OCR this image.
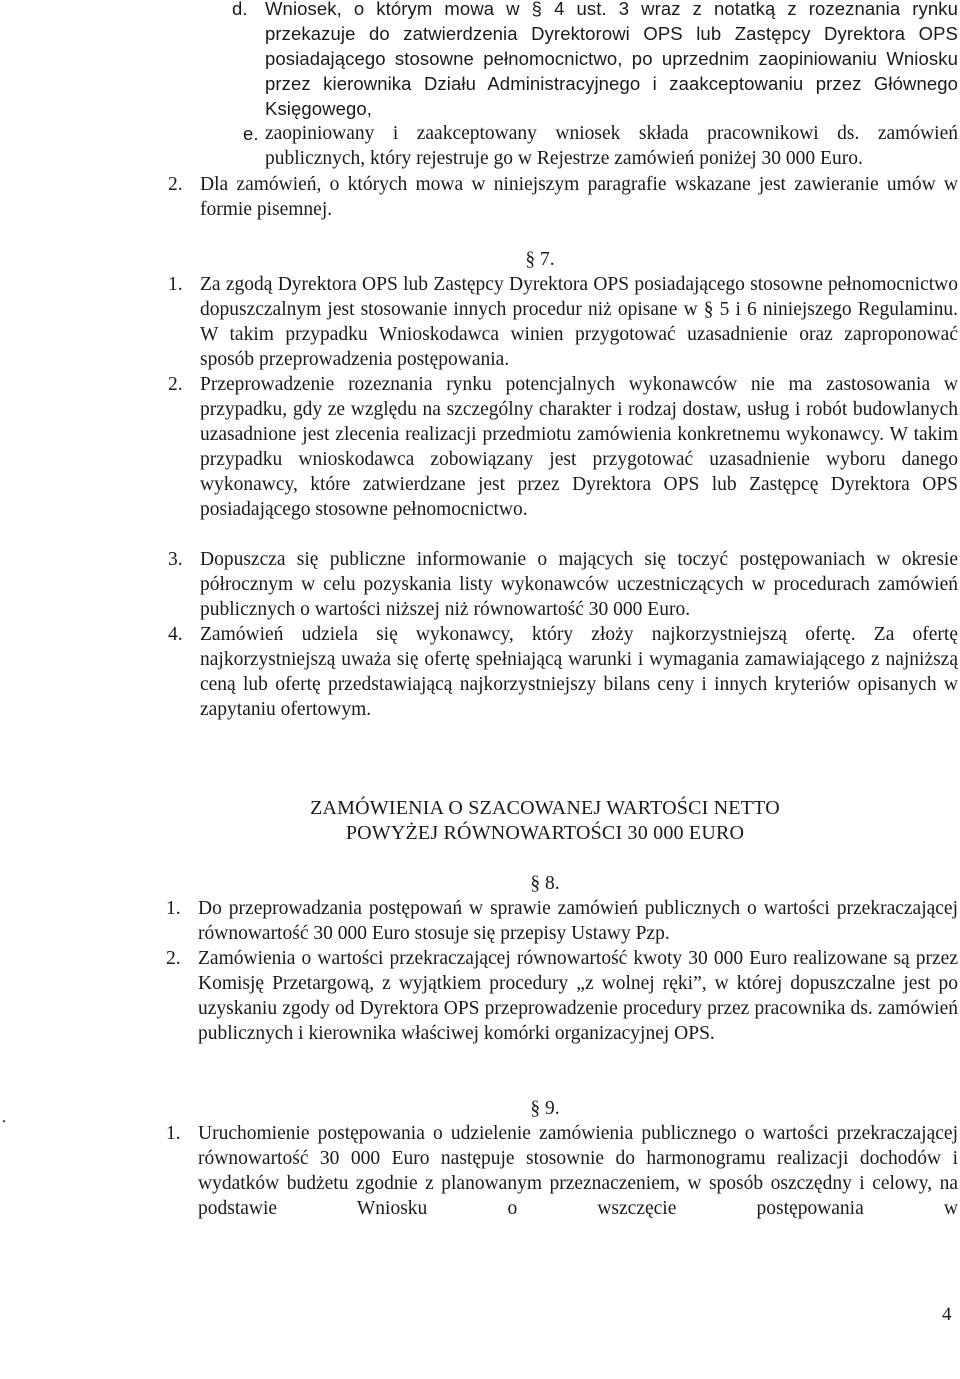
d. Wniosek, o którym mowa w § 4 ust. 3 wraz z notatką z rozeznania rynku przekazuje do zatwierdzenia Dyrektorowi OPS lub Zastępcy Dyrektora OPS posiadającego stosowne pełnomocnictwo, po uprzednim zaopiniowaniu Wniosku przez kierownika Działu Administracyjnego i zaakceptowaniu przez Głównego Księgowego,
e. zaopiniowany i zaakceptowany wniosek składa pracownikowi ds. zamówień publicznych, który rejestruje go w Rejestrze zamówień poniżej 30 000 Euro.
2. Dla zamówień, o których mowa w niniejszym paragrafie wskazane jest zawieranie umów w formie pisemnej.
§ 7.
1. Za zgodą Dyrektora OPS lub Zastępcy Dyrektora OPS posiadającego stosowne pełnomocnictwo dopuszczalnym jest stosowanie innych procedur niż opisane w § 5 i 6 niniejszego Regulaminu. W takim przypadku Wnioskodawca winien przygotować uzasadnienie oraz zaproponować sposób przeprowadzenia postępowania.
2. Przeprowadzenie rozeznania rynku potencjalnych wykonawców nie ma zastosowania w przypadku, gdy ze względu na szczególny charakter i rodzaj dostaw, usług i robót budowlanych uzasadnione jest zlecenia realizacji przedmiotu zamówienia konkretnemu wykonawcy. W takim przypadku wnioskodawca zobowiązany jest przygotować uzasadnienie wyboru danego wykonawcy, które zatwierdzane jest przez Dyrektora OPS lub Zastępcę Dyrektora OPS posiadającego stosowne pełnomocnictwo.
3. Dopuszcza się publiczne informowanie o mających się toczyć postępowaniach w okresie półrocznym w celu pozyskania listy wykonawców uczestniczących w procedurach zamówień publicznych o wartości niższej niż równowartość 30 000 Euro.
4. Zamówień udziela się wykonawcy, który złoży najkorzystniejszą ofertę. Za ofertę najkorzystniejszą uważa się ofertę spełniającą warunki i wymagania zamawiającego z najniższą ceną lub ofertę przedstawiającą najkorzystniejszy bilans ceny i innych kryteriów opisanych w zapytaniu ofertowym.
ZAMÓWIENIA O SZACOWANEJ WARTOŚCI NETTO
POWYŻEJ RÓWNOWARTOŚCI 30 000 EURO
§ 8.
1. Do przeprowadzania postępowań w sprawie zamówień publicznych o wartości przekraczającej równowartość 30 000 Euro stosuje się przepisy Ustawy Pzp.
2. Zamówienia o wartości przekraczającej równowartość kwoty 30 000 Euro realizowane są przez Komisję Przetargową, z wyjątkiem procedury „z wolnej ręki”, w której dopuszczalne jest po uzyskaniu zgody od Dyrektora OPS przeprowadzenie procedury przez pracownika ds. zamówień publicznych i kierownika właściwej komórki organizacyjnej OPS.
§ 9.
1. Uruchomienie postępowania o udzielenie zamówienia publicznego o wartości przekraczającej równowartość 30 000 Euro następuje stosownie do harmonogramu realizacji dochodów i wydatków budżetu zgodnie z planowanym przeznaczeniem, w sposób oszczędny i celowy, na podstawie Wniosku o wszczęcie postępowania w
•
4
